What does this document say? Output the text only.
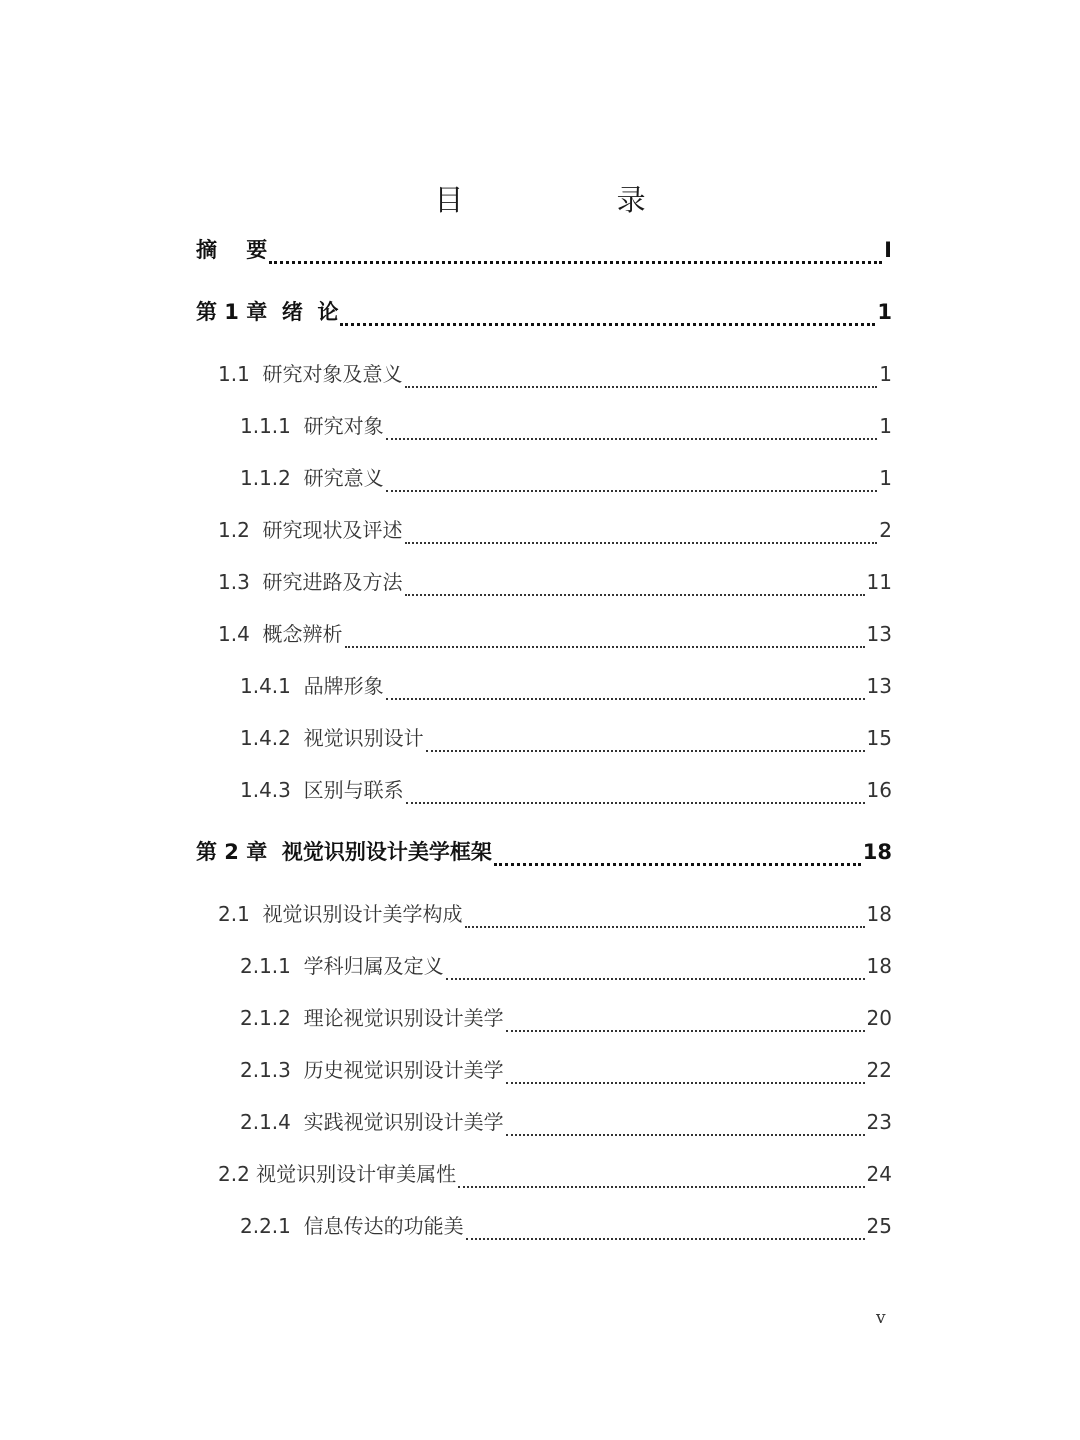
目 录
摘    要	I
第 1 章  绪  论	1
1.1  研究对象及意义	1
1.1.1  研究对象	1
1.1.2  研究意义	1
1.2  研究现状及评述	2
1.3  研究进路及方法	11
1.4  概念辨析	13
1.4.1  品牌形象	13
1.4.2  视觉识别设计	15
1.4.3  区别与联系	16
第 2 章  视觉识别设计美学框架	18
2.1  视觉识别设计美学构成	18
2.1.1  学科归属及定义	18
2.1.2  理论视觉识别设计美学	20
2.1.3  历史视觉识别设计美学	22
2.1.4  实践视觉识别设计美学	23
2.2 视觉识别设计审美属性	24
2.2.1  信息传达的功能美	25
v
